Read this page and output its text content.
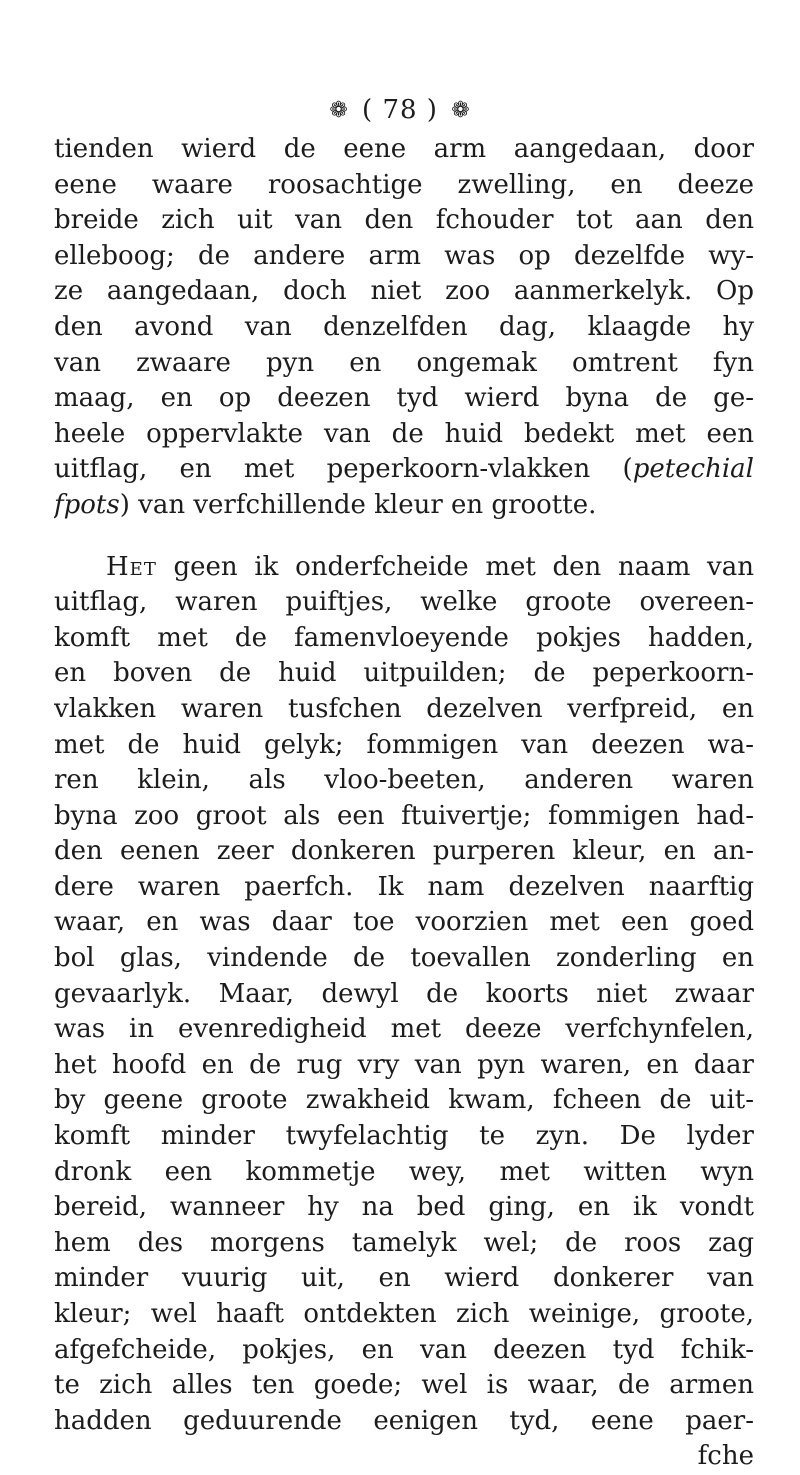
❁ ( 78 ) ❁
tienden wierd de eene arm aangedaan, door
eene waare roosachtige zwelling, en deeze
breide zich uit van den fchouder tot aan den
elleboog; de andere arm was op dezelfde wy-
ze aangedaan, doch niet zoo aanmerkelyk. Op
den avond van denzelfden dag, klaagde hy
van zwaare pyn en ongemak omtrent fyn
maag, en op deezen tyd wierd byna de ge-
heele oppervlakte van de huid bedekt met een
uitflag, en met peperkoorn-vlakken (petechial
fpots) van verfchillende kleur en grootte.
Het geen ik onderfcheide met den naam van
uitflag, waren puiftjes, welke groote overeen-
komft met de famenvloeyende pokjes hadden,
en boven de huid uitpuilden; de peperkoorn-
vlakken waren tusfchen dezelven verfpreid, en
met de huid gelyk; fommigen van deezen wa-
ren klein, als vloo-beeten, anderen waren
byna zoo groot als een ftuivertje; fommigen had-
den eenen zeer donkeren purperen kleur, en an-
dere waren paerfch. Ik nam dezelven naarftig
waar, en was daar toe voorzien met een goed
bol glas, vindende de toevallen zonderling en
gevaarlyk. Maar, dewyl de koorts niet zwaar
was in evenredigheid met deeze verfchynfelen,
het hoofd en de rug vry van pyn waren, en daar
by geene groote zwakheid kwam, fcheen de uit-
komft minder twyfelachtig te zyn. De lyder
dronk een kommetje wey, met witten wyn
bereid, wanneer hy na bed ging, en ik vondt
hem des morgens tamelyk wel; de roos zag
minder vuurig uit, en wierd donkerer van
kleur; wel haaft ontdekten zich weinige, groote,
afgefcheide, pokjes, en van deezen tyd fchik-
te zich alles ten goede; wel is waar, de armen
hadden geduurende eenigen tyd, eene paer-
fche
